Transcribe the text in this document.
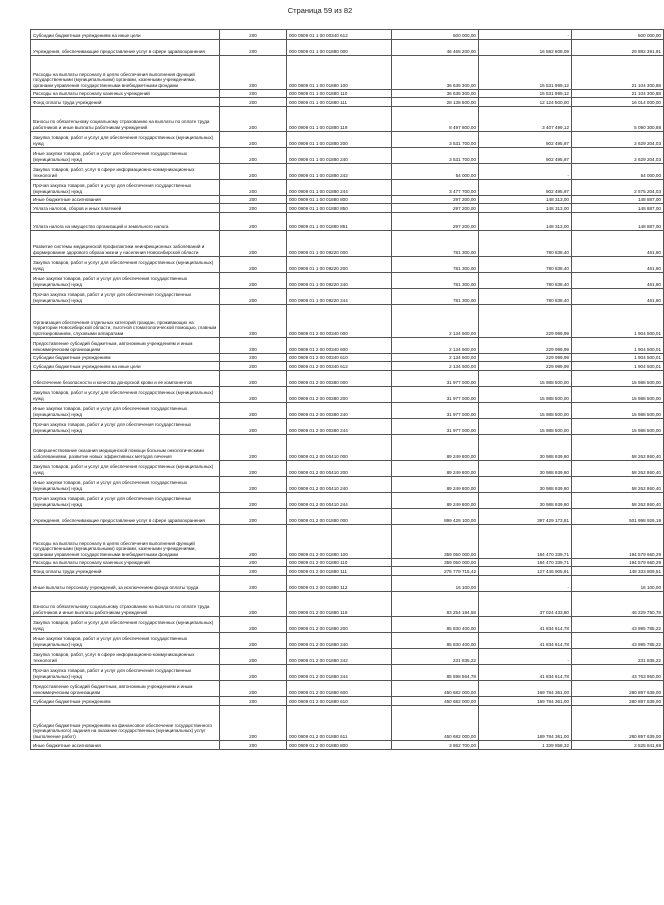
Страница 59 из 82
Субсидии бюджетным учреждениям на иные цели	200	000 0909 01 1 00 00340 612	500 000,00	-	500 000,00
Учреждения, обеспечивающие предоставление услуг в сфере здравоохранения	200	000 0909 01 1 00 01880 000	46 465 200,00	16 582 808,09	29 882 391,91
Расходы на выплаты персоналу в целях обеспечения выполнения функций государственными (муниципальными) органами, казенными учреждениями, органами управления государственными внебюджетными фондами	200	000 0909 01 1 00 01880 100	36 635 300,00	15 531 999,12	21 104 300,88
Расходы на выплаты персоналу казенных учреждений	200	000 0909 01 1 00 01880 110	36 635 300,00	15 531 999,12	21 104 300,88
Фонд оплаты труда учреждений	200	000 0909 01 1 00 01880 111	28 138 500,00	12 124 500,00	16 014 000,00
Взносы по обязательному социальному страхованию на выплаты по оплате труда работников и иные выплаты работникам учреждений	200	000 0909 01 1 00 01880 119	8 497 800,00	3 407 499,12	5 090 300,88
Закупка товаров, работ и услуг для обеспечения государственных (муниципальных) нужд	200	000 0909 01 1 00 01880 200	3 531 700,00	902 495,97	2 629 204,03
Иные закупки товаров, работ и услуг для обеспечения государственных (муниципальных) нужд	200	000 0909 01 1 00 01880 240	3 531 700,00	902 495,97	2 629 204,03
Закупка товаров, работ, услуг в сфере информационно-коммуникационных технологий	200	000 0909 01 1 00 01880 242	54 000,00	-	54 000,00
Прочая закупка товаров, работ и услуг для обеспечения государственных (муниципальных) нужд	200	000 0909 01 1 00 01880 244	3 477 700,00	902 495,97	2 575 204,03
Иные бюджетные ассигнования	200	000 0909 01 1 00 01880 800	297 200,00	148 313,00	148 887,00
Уплата налогов, сборов и иных платежей	200	000 0909 01 1 00 01880 850	297 200,00	148 313,00	148 887,00
Уплата налога на имущество организаций и земельного налога	200	000 0909 01 1 00 01880 851	297 200,00	148 313,00	148 887,00
Развитие системы медицинской профилактики неинфекционных заболеваний и формирование здорового образа жизни у населения Новосибирской области	200	000 0909 01 1 00 09220 000	781 300,00	780 838,40	461,60
Закупка товаров, работ и услуг для обеспечения государственных (муниципальных) нужд	200	000 0909 01 1 00 09220 200	781 300,00	780 838,40	461,60
Иные закупки товаров, работ и услуг для обеспечения государственных (муниципальных) нужд	200	000 0909 01 1 00 09220 240	781 300,00	780 838,40	461,60
Прочая закупка товаров, работ и услуг для обеспечения государственных (муниципальных) нужд	200	000 0909 01 1 00 09220 244	781 300,00	780 838,40	461,60
Организация обеспечения отдельных категорий граждан, проживающих на территории Новосибирской области, льготной стоматологической помощью, главным протезированием, слуховыми аппаратами	200	000 0909 01 2 00 00340 000	2 134 500,00	229 999,99	1 904 500,01
Предоставление субсидий бюджетным, автономным учреждениям и иным некоммерческим организациям	200	000 0909 01 2 00 00340 600	2 134 500,00	229 999,99	1 904 500,01
Субсидии бюджетным учреждениям	200	000 0909 01 2 00 00340 610	2 134 500,00	229 999,99	1 904 500,01
Субсидии бюджетным учреждениям на иные цели	200	000 0909 01 2 00 00340 612	2 134 500,00	229 999,99	1 904 500,01
Обеспечение безопасности и качества донорской крови и ее компонентов	200	000 0909 01 2 00 00380 000	31 977 000,00	15 988 500,00	15 988 500,00
Закупка товаров, работ и услуг для обеспечения государственных (муниципальных) нужд	200	000 0909 01 2 00 00380 200	31 977 000,00	15 988 500,00	15 988 500,00
Иные закупки товаров, работ и услуг для обеспечения государственных (муниципальных) нужд	200	000 0909 01 2 00 00380 240	31 977 000,00	15 988 500,00	15 988 500,00
Прочая закупка товаров, работ и услуг для обеспечения государственных (муниципальных) нужд	200	000 0909 01 2 00 00380 244	31 977 000,00	15 988 500,00	15 988 500,00
Совершенствование оказания медицинской помощи больным онкологическими заболеваниями, развитие новых эффективных методов лечения	200	000 0909 01 2 00 00410 000	89 249 800,00	30 988 939,60	58 262 860,40
Закупка товаров, работ и услуг для обеспечения государственных (муниципальных) нужд	200	000 0909 01 2 00 00410 200	89 249 800,00	30 988 939,60	58 262 860,40
Иные закупки товаров, работ и услуг для обеспечения государственных (муниципальных) нужд	200	000 0909 01 2 00 00410 240	89 249 800,00	30 988 939,60	58 262 860,40
Прочая закупка товаров, работ и услуг для обеспечения государственных (муниципальных) нужд	200	000 0909 01 2 00 00410 244	89 249 800,00	30 988 939,60	58 262 860,40
Учреждения, обеспечивающие предоставление услуг в сфере здравоохранения	200	000 0909 01 2 00 01880 000	899 428 100,00	397 429 173,81	501 998 926,19
Расходы на выплаты персоналу в целях обеспечения выполнения функций государственными (муниципальными) органами, казенными учреждениями, органами управления государственными внебюджетными фондами	200	000 0909 01 2 00 01880 100	359 050 000,00	184 470 339,71	194 579 660,29
Расходы на выплаты персоналу казенных учреждений	200	000 0909 01 2 00 01880 110	359 050 000,00	184 470 339,71	194 579 660,29
Фонд оплаты труда учреждений	200	000 0909 01 2 00 01880 111	275 779 715,42	127 446 905,91	148 333 809,51
Иные выплаты персоналу учреждений, за исключением фонда оплаты труда	200	000 0909 01 2 00 01880 112	16 100,00	-	16 100,00
Взносы по обязательному социальному страхованию на выплаты по оплате труда работников и иные выплаты работникам учреждений	200	000 0909 01 2 00 01880 119	83 254 184,58	37 024 433,80	46 229 750,78
Закупка товаров, работ и услуг для обеспечения государственных (муниципальных) нужд	200	000 0909 01 2 00 01880 200	85 830 400,00	41 834 614,78	43 995 785,22
Иные закупки товаров, работ и услуг для обеспечения государственных (муниципальных) нужд	200	000 0909 01 2 00 01880 240	85 830 400,00	41 834 614,78	43 995 785,22
Закупка товаров, работ, услуг в сфере информационно-коммуникационных технологий	200	000 0909 01 2 00 01880 242	231 835,22	-	231 835,22
Прочая закупка товаров, работ и услуг для обеспечения государственных (муниципальных) нужд	200	000 0909 01 2 00 01880 244	85 598 564,78	41 834 614,78	43 763 950,00
Предоставление субсидий бюджетным, автономным учреждениям и иным некоммерческим организациям	200	000 0909 01 2 00 01880 600	450 682 000,00	169 784 361,00	280 897 639,00
Субсидии бюджетным учреждениям	200	000 0909 01 2 00 01880 610	450 682 000,00	169 784 361,00	280 897 639,00
Субсидии бюджетным учреждениям на финансовое обеспечение государственного (муниципального) задания на оказание государственных (муниципальных) услуг (выполнение работ)	200	000 0909 01 2 00 01880 611	450 682 000,00	169 784 361,00	280 897 639,00
Иные бюджетные ассигнования	200	000 0909 01 2 00 01880 800	3 862 700,00	1 339 858,32	2 525 841,68
